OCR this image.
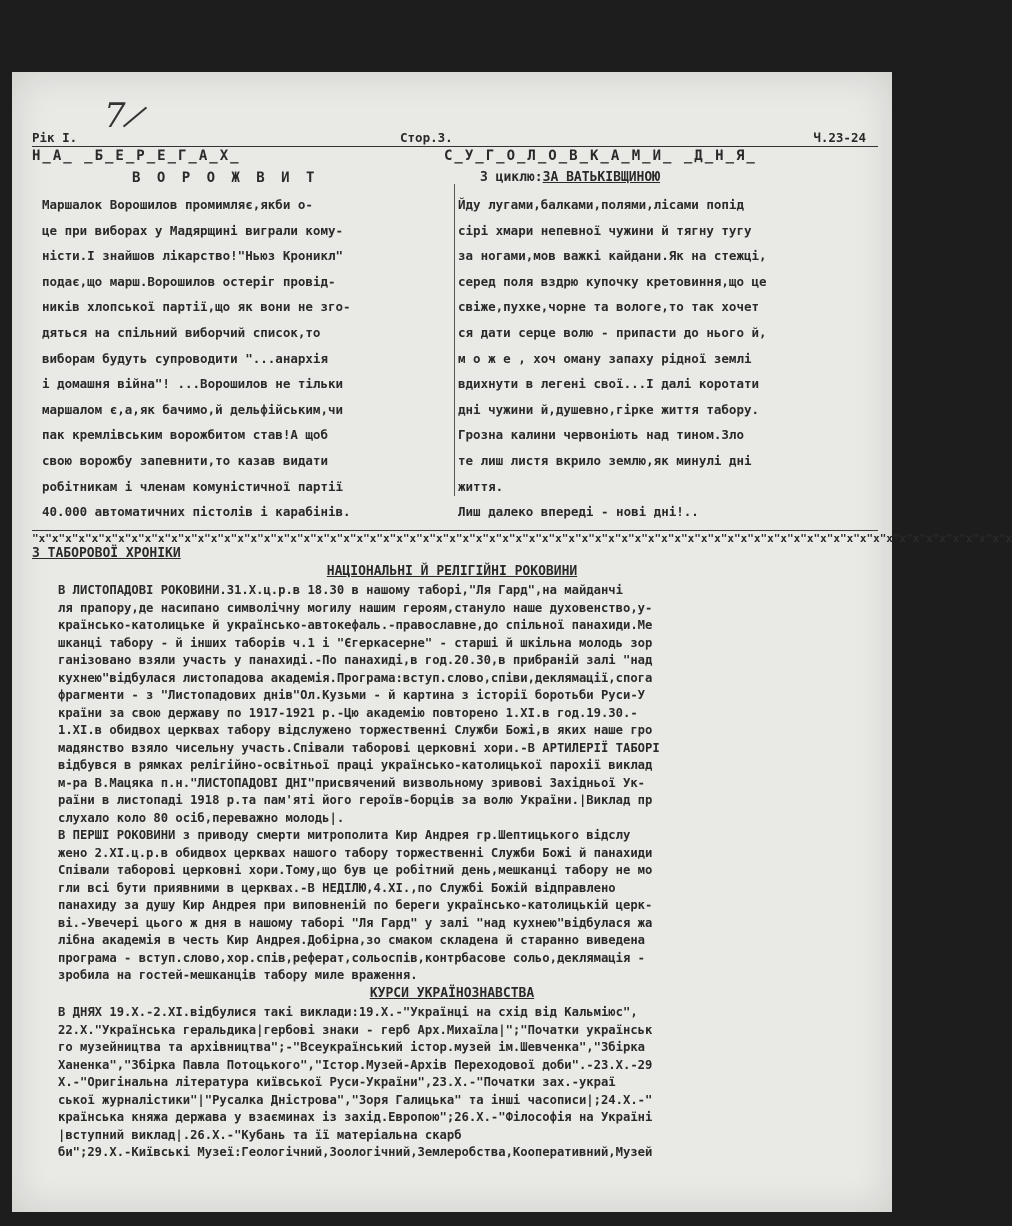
7
Рік І.	Стор.3.	Ч.23-24
Н_А_ _Б_Е_Р_Е_Г_А_Х_
В О Р О Ж В И Т
Маршалок Ворошилов промимляє,якби о-
це при виборах у Мадярщині виграли кому-
ністи.І знайшов лікарство!"Ньюз Кроникл"
подає,що марш.Ворошилов остеріг провід-
ників хлопської партії,що як вони не зго-
дяться на спільний виборчий список,то
виборам будуть супроводити "...анархія
і домашня війна"! ...Ворошилов не тільки
маршалом є,а,як бачимо,й дельфійським,чи
пак кремлівським ворожбитом став!А щоб
свою ворожбу запевнити,то казав видати
робітникам і членам комуністичної партії
40.000 автоматичних пістолів і карабінів.
С_У_Г_О_Л_О_В_К_А_М_И_ _Д_Н_Я_
З циклю:ЗА ВАТЬКІВЩИНОЮ
Йду лугами,балками,полями,лісами попід
сірі хмари непевної чужини й тягну тугу
за ногами,мов важкі кайдани.Як на стежці,
серед поля вздрю купочку кретовиння,що це
свіже,пухке,чорне та вологе,то так хочет
ся дати серце волю - припасти до нього й,
м о ж е , хоч оману запаху рідної землі
вдихнути в легені свої...І далі коротати
дні чужини й,душевно,гірке життя табору.
Грозна калини червоніють над тином.Зло
те лиш листя вкрило землю,як минулі дні
життя.
Лиш далеко впереді - нові дні!..
"x"x"x"x"x"x"x"x"x"x"x"x"x"x"x"x"x"x"x"x"x"x"x"x"x"x"x"x"x"x"x"x"x"x"x"x"x"x"x"x"x"x"x"x"x"x"x"x"x"x"x"x"x"x"x"x"x"x"x"x"x"x"x"x"x"x"x"x"x"x"x"x"x"x
З ТАБОРОВОЇ ХРОНІКИ
НАЦІОНАЛЬНІ Й РЕЛІГІЙНІ РОКОВИНИ
В ЛИСТОПАДОВІ РОКОВИНИ.31.Х.ц.р.в 18.30 в нашому таборі,"Ля Гард",на майданчі
ля прапору,де насипано символічну могилу нашим героям,стануло наше духовенство,у-
країнсько-католицьке й українсько-автокефаль.-православне,до спільної панахиди.Ме
шканці табору - й інших таборів ч.1 і "Єгеркасерне" - старші й шкільна молодь зор
ганізовано взяли участь у панахиді.-По панахиді,в год.20.30,в прибраній залі "над
кухнею"відбулася листопадова академія.Програма:вступ.слово,співи,деклямації,спога
фрагменти - з "Листопадових днів"Ол.Кузьми - й картина з історії боротьби Руси-У
країни за свою державу по 1917-1921 р.-Цю академію повторено 1.ХІ.в год.19.30.-
1.ХІ.в обидвох церквах табору відслужено торжественні Служби Божі,в яких наше гро
мадянство взяло чисельну участь.Співали таборові церковні хори.-В АРТИЛЕРІЇ ТАБОРІ
відбувся в рямках релігійно-освітньої праці українсько-католицької парохії виклад
м-ра В.Мацяка п.н."ЛИСТОПАДОВІ ДНІ"присвячений визвольному зривові Західньої Ук-
раїни в листопаді 1918 р.та пам'яті його героїв-борців за волю України.|Виклад пр
слухало коло 80 осіб,переважно молодь|.
В ПЕРШІ РОКОВИНИ з приводу смерти митрополита Кир Андрея гр.Шептицького відслу
жено 2.ХІ.ц.р.в обидвох церквах нашого табору торжественні Служби Божі й панахиди
Співали таборові церковні хори.Тому,що був це робітний день,мешканці табору не мо
гли всі бути приявними в церквах.-В НЕДІЛЮ,4.ХІ.,по Службі Божій відправлено
панахиду за душу Кир Андрея при виповненій по береги українсько-католицькій церк-
ві.-Увечері цього ж дня в нашому таборі "Ля Гард" у залі "над кухнею"відбулася жа
лібна академія в честь Кир Андрея.Добірна,зо смаком складена й старанно виведена
програма - вступ.слово,хор.спів,реферат,сольоспів,контрбасове сольо,деклямація -
зробила на гостей-мешканців табору миле враження.
КУРСИ УКРАЇНОЗНАВСТВА
В ДНЯХ 19.Х.-2.ХІ.відбулися такі виклади:19.Х.-"Українці на схід від Кальміюс",
22.Х."Українська геральдика|гербові знаки - герб Арх.Михаїла|";"Початки українськ
го музейництва та архівництва";-"Всеукраїнський істор.музей ім.Шевченка","Збірка
Ханенка","Збірка Павла Потоцького","Істор.Музей-Архів Переходової доби".-23.Х.-29
Х.-"Оригінальна література київської Руси-України",23.Х.-"Початки зах.-украї
ської журналістики"|"Русалка Дністрова","Зоря Галицька" та інші часописи|;24.Х.-"
країнська княжа держава у взаєминах із захід.Европою";26.Х.-"Філософія на Україні
|вступний виклад|.26.Х.-"Кубань та її матеріальна скарб
би";29.Х.-Київські Музеї:Геологічний,Зоологічний,Землеробства,Кооперативний,Музей
